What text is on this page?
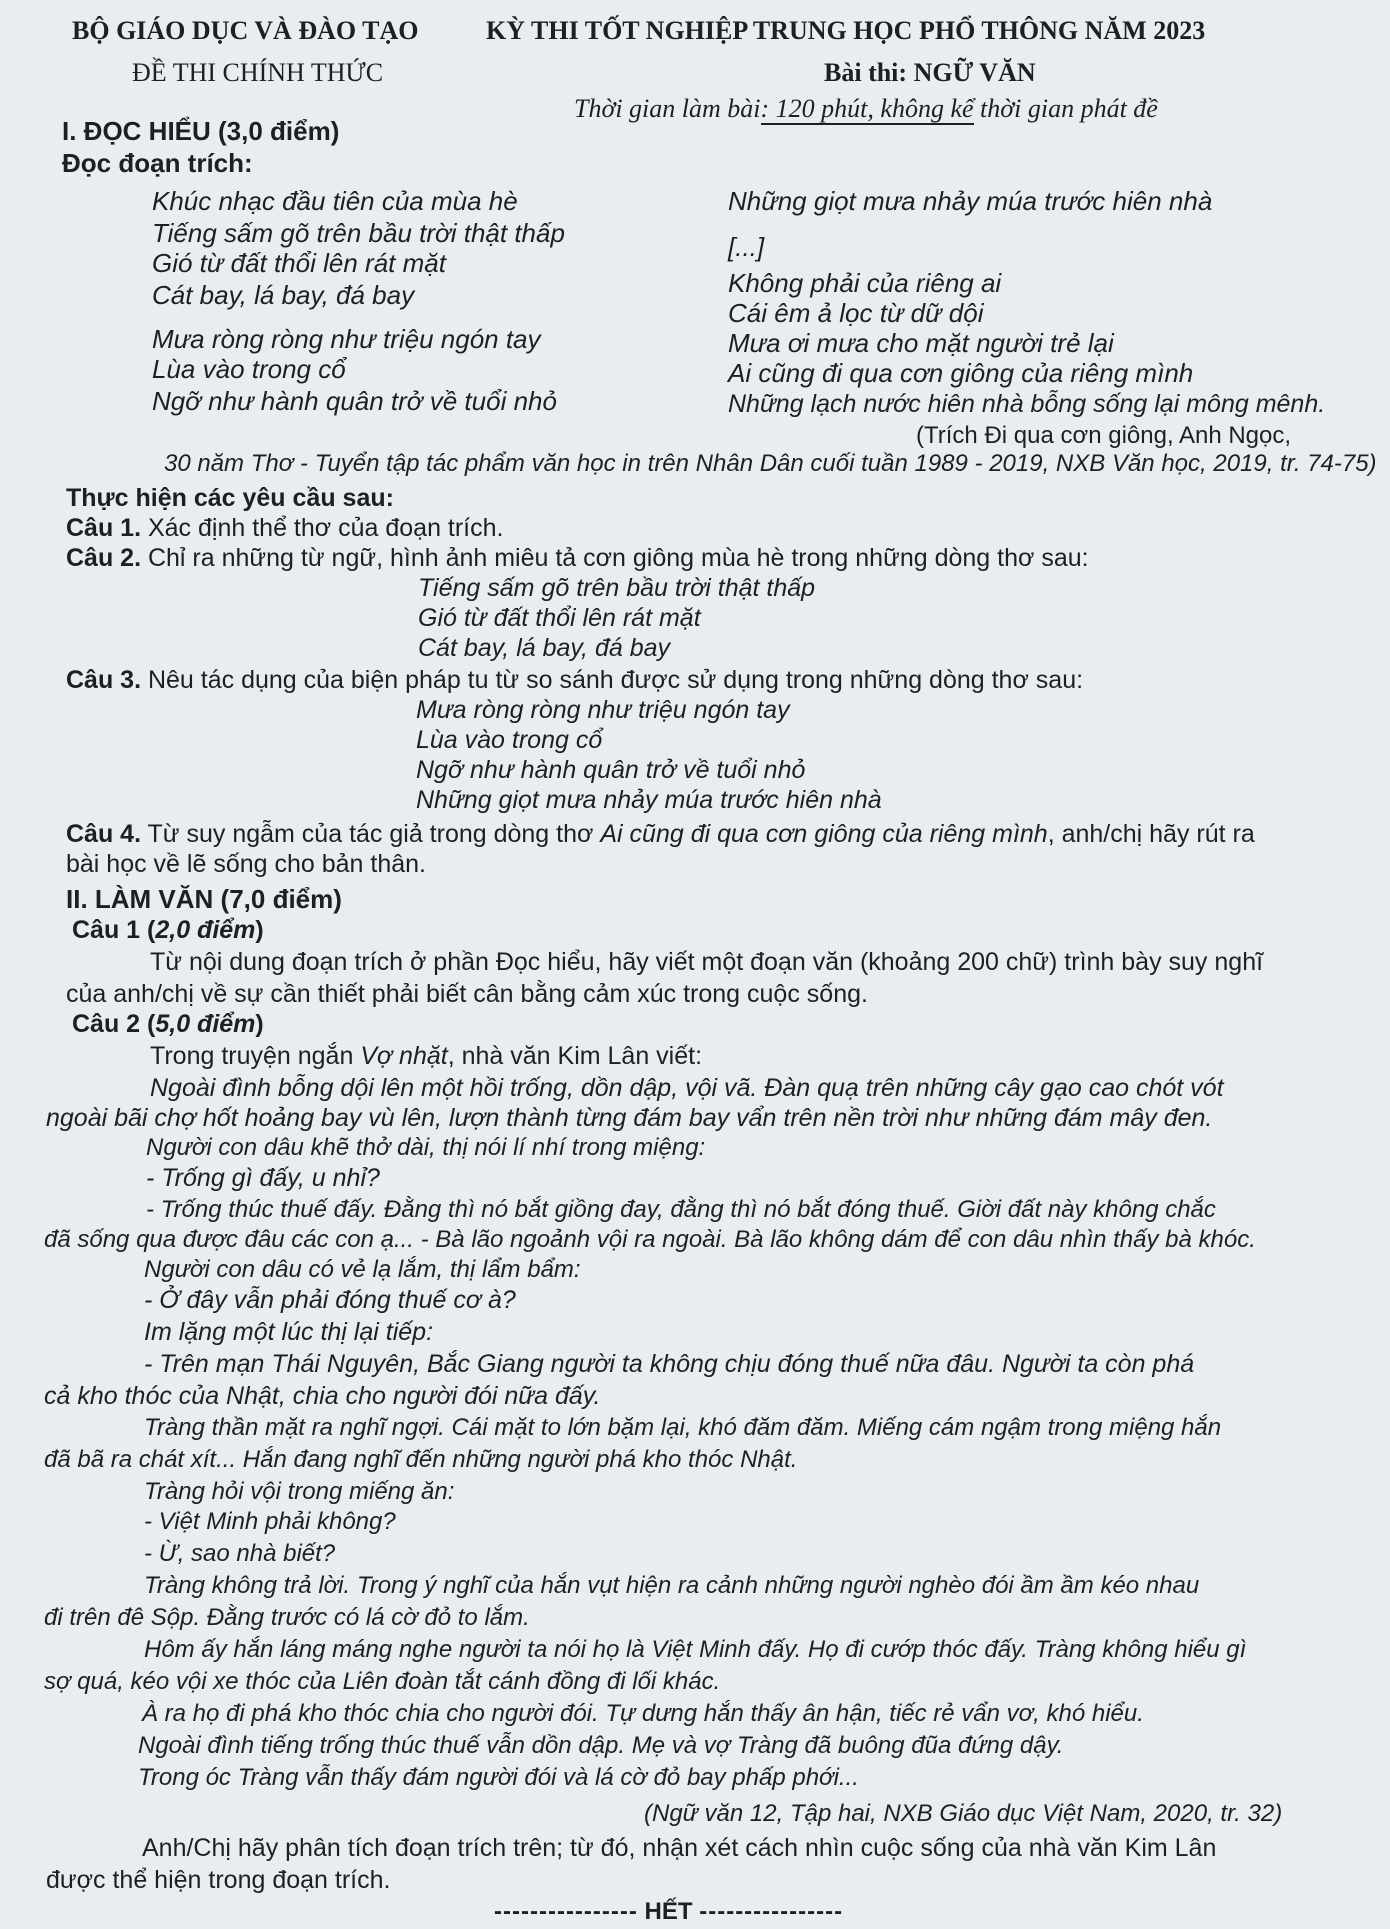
BỘ GIÁO DỤC VÀ ĐÀO TẠO	KỲ THI TỐT NGHIỆP TRUNG HỌC PHỔ THÔNG NĂM 2023
ĐỀ THI CHÍNH THỨC	Bài thi: NGỮ VĂN
Thời gian làm bài: 120 phút, không kể thời gian phát đề
I. ĐỌC HIỂU (3,0 điểm)
Đọc đoạn trích:
Khúc nhạc đầu tiên của mùa hè
Tiếng sấm gõ trên bầu trời thật thấp
Gió từ đất thổi lên rát mặt
Cát bay, lá bay, đá bay
Mưa ròng ròng như triệu ngón tay
Lùa vào trong cổ
Ngỡ như hành quân trở về tuổi nhỏ
Những giọt mưa nhảy múa trước hiên nhà
[...]
Không phải của riêng ai
Cái êm ả lọc từ dữ dội
Mưa ơi mưa cho mặt người trẻ lại
Ai cũng đi qua cơn giông của riêng mình
Những lạch nước hiên nhà bỗng sống lại mông mênh.
(Trích Đi qua cơn giông, Anh Ngọc,
30 năm Thơ - Tuyển tập tác phẩm văn học in trên Nhân Dân cuối tuần 1989 - 2019, NXB Văn học, 2019, tr. 74-75)
Thực hiện các yêu cầu sau:
Câu 1. Xác định thể thơ của đoạn trích.
Câu 2. Chỉ ra những từ ngữ, hình ảnh miêu tả cơn giông mùa hè trong những dòng thơ sau:
Tiếng sấm gõ trên bầu trời thật thấp
Gió từ đất thổi lên rát mặt
Cát bay, lá bay, đá bay
Câu 3. Nêu tác dụng của biện pháp tu từ so sánh được sử dụng trong những dòng thơ sau:
Mưa ròng ròng như triệu ngón tay
Lùa vào trong cổ
Ngỡ như hành quân trở về tuổi nhỏ
Những giọt mưa nhảy múa trước hiên nhà
Câu 4. Từ suy ngẫm của tác giả trong dòng thơ Ai cũng đi qua cơn giông của riêng mình, anh/chị hãy rút ra
bài học về lẽ sống cho bản thân.
II. LÀM VĂN (7,0 điểm)
Câu 1 (2,0 điểm)
Từ nội dung đoạn trích ở phần Đọc hiểu, hãy viết một đoạn văn (khoảng 200 chữ) trình bày suy nghĩ
của anh/chị về sự cần thiết phải biết cân bằng cảm xúc trong cuộc sống.
Câu 2 (5,0 điểm)
Trong truyện ngắn Vợ nhặt, nhà văn Kim Lân viết:
Ngoài đình bỗng dội lên một hồi trống, dồn dập, vội vã. Đàn quạ trên những cây gạo cao chót vót
ngoài bãi chợ hốt hoảng bay vù lên, lượn thành từng đám bay vẩn trên nền trời như những đám mây đen.
Người con dâu khẽ thở dài, thị nói lí nhí trong miệng:
- Trống gì đấy, u nhỉ?
- Trống thúc thuế đấy. Đằng thì nó bắt giồng đay, đằng thì nó bắt đóng thuế. Giời đất này không chắc
đã sống qua được đâu các con ạ... - Bà lão ngoảnh vội ra ngoài. Bà lão không dám để con dâu nhìn thấy bà khóc.
Người con dâu có vẻ lạ lắm, thị lẩm bẩm:
- Ở đây vẫn phải đóng thuế cơ à?
Im lặng một lúc thị lại tiếp:
- Trên mạn Thái Nguyên, Bắc Giang người ta không chịu đóng thuế nữa đâu. Người ta còn phá
cả kho thóc của Nhật, chia cho người đói nữa đấy.
Tràng thần mặt ra nghĩ ngợi. Cái mặt to lớn bặm lại, khó đăm đăm. Miếng cám ngậm trong miệng hắn
đã bã ra chát xít... Hắn đang nghĩ đến những người phá kho thóc Nhật.
Tràng hỏi vội trong miếng ăn:
- Việt Minh phải không?
- Ừ, sao nhà biết?
Tràng không trả lời. Trong ý nghĩ của hắn vụt hiện ra cảnh những người nghèo đói ầm ầm kéo nhau
đi trên đê Sộp. Đằng trước có lá cờ đỏ to lắm.
Hôm ấy hắn láng máng nghe người ta nói họ là Việt Minh đấy. Họ đi cướp thóc đấy. Tràng không hiểu gì
sợ quá, kéo vội xe thóc của Liên đoàn tắt cánh đồng đi lối khác.
À ra họ đi phá kho thóc chia cho người đói. Tự dưng hắn thấy ân hận, tiếc rẻ vẩn vơ, khó hiểu.
Ngoài đình tiếng trống thúc thuế vẫn dồn dập. Mẹ và vợ Tràng đã buông đũa đứng dậy.
Trong óc Tràng vẫn thấy đám người đói và lá cờ đỏ bay phấp phới...
(Ngữ văn 12, Tập hai, NXB Giáo dục Việt Nam, 2020, tr. 32)
Anh/Chị hãy phân tích đoạn trích trên; từ đó, nhận xét cách nhìn cuộc sống của nhà văn Kim Lân
được thể hiện trong đoạn trích.
---------------- HẾT ----------------
